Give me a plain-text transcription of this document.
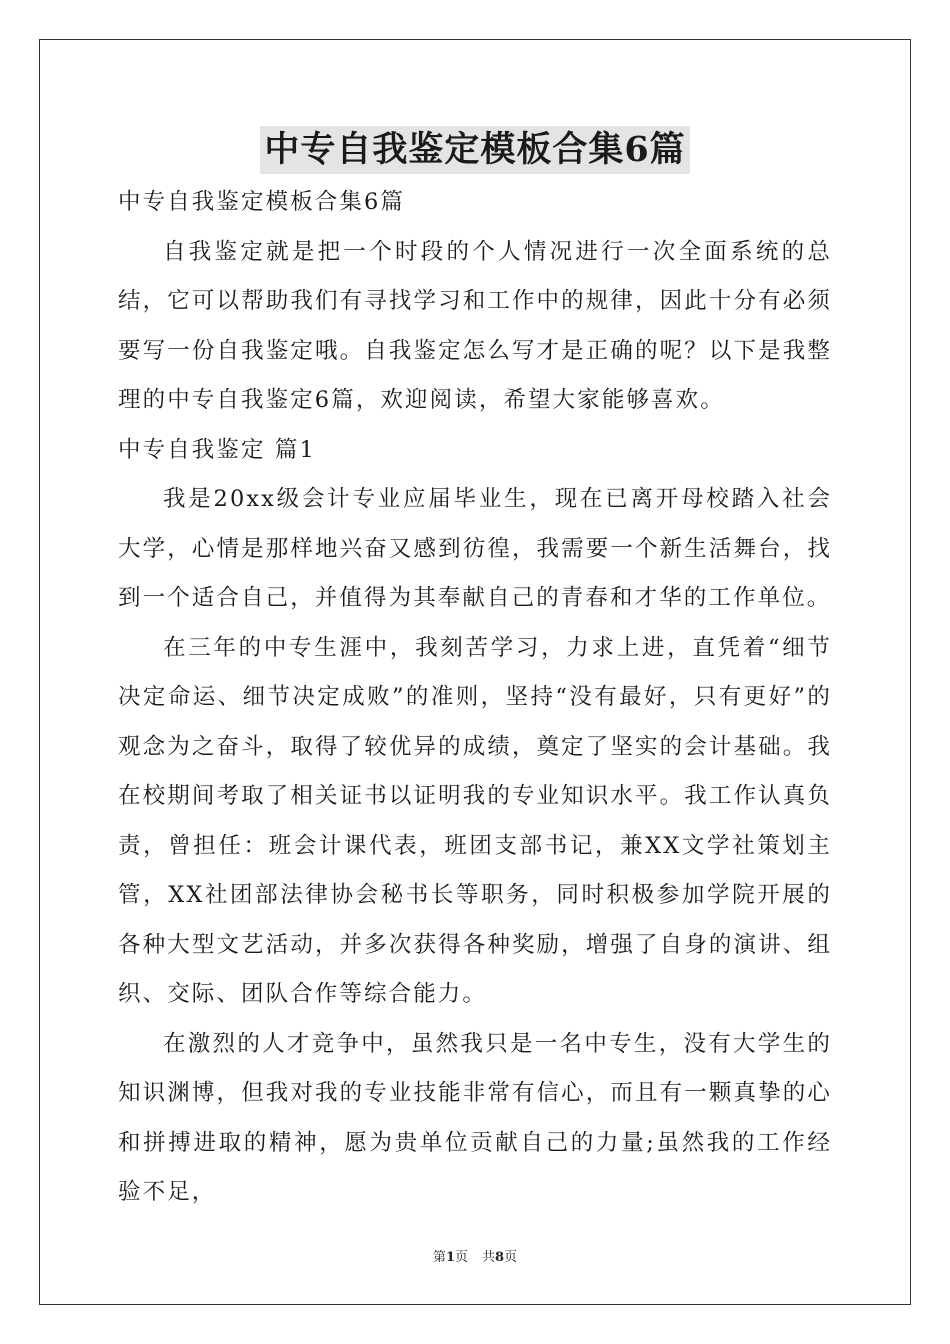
中专自我鉴定模板合集6篇

中专自我鉴定模板合集6篇

自我鉴定就是把一个时段的个人情况进行一次全面系统的总结，它可以帮助我们有寻找学习和工作中的规律，因此十分有必须要写一份自我鉴定哦。自我鉴定怎么写才是正确的呢？以下是我整理的中专自我鉴定6篇，欢迎阅读，希望大家能够喜欢。

中专自我鉴定 篇1

我是20xx级会计专业应届毕业生，现在已离开母校踏入社会大学，心情是那样地兴奋又感到彷徨，我需要一个新生活舞台，找到一个适合自己，并值得为其奉献自己的青春和才华的工作单位。

在三年的中专生涯中，我刻苦学习，力求上进，直凭着“细节决定命运、细节决定成败”的准则，坚持“没有最好，只有更好”的观念为之奋斗，取得了较优异的成绩，奠定了坚实的会计基础。我在校期间考取了相关证书以证明我的专业知识水平。我工作认真负责，曾担任：班会计课代表，班团支部书记，兼XX文学社策划主管，XX社团部法律协会秘书长等职务，同时积极参加学院开展的各种大型文艺活动，并多次获得各种奖励，增强了自身的演讲、组织、交际、团队合作等综合能力。

在激烈的人才竞争中，虽然我只是一名中专生，没有大学生的知识渊博，但我对我的专业技能非常有信心，而且有一颗真挚的心和拼搏进取的精神，愿为贵单位贡献自己的力量;虽然我的工作经验不足，

第1页 共8页
